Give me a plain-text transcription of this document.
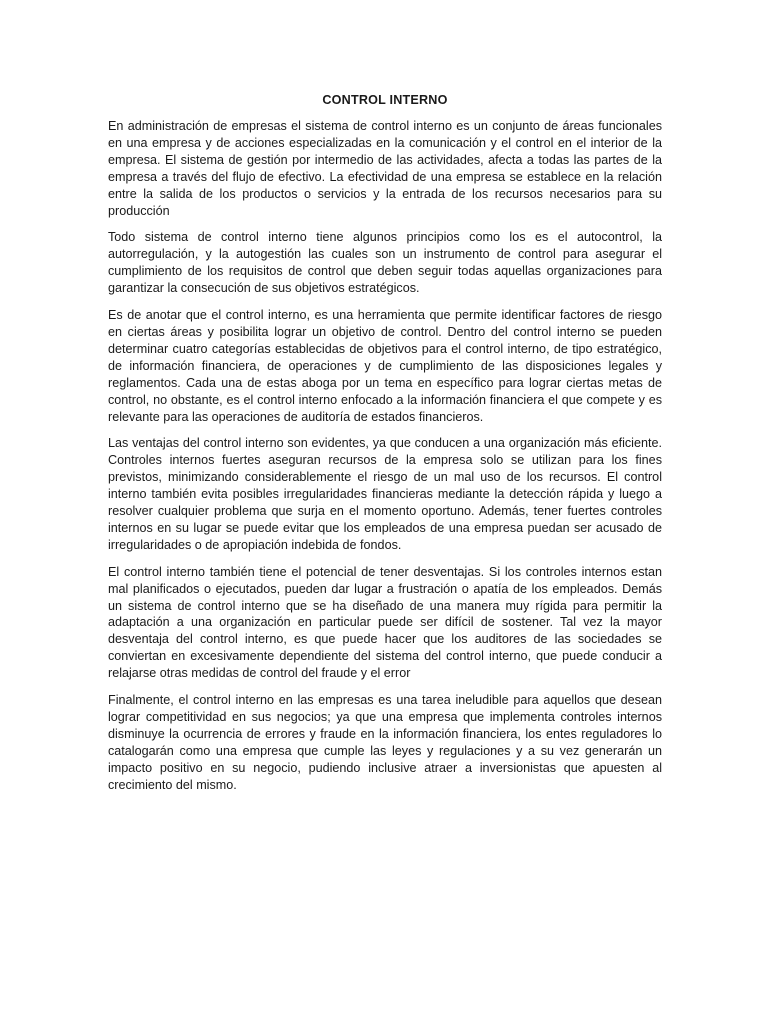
CONTROL INTERNO

En administración de empresas el sistema de control interno es un conjunto de áreas funcionales en una empresa y de acciones especializadas en la comunicación y el control en el interior de la empresa. El sistema de gestión por intermedio de las actividades, afecta a todas las partes de la empresa a través del flujo de efectivo. La efectividad de una empresa se establece en la relación entre la salida de los productos o servicios y la entrada de los recursos necesarios para su producción

Todo sistema de control interno tiene algunos principios como los es el autocontrol, la autorregulación, y la autogestión las cuales son un instrumento de control para asegurar el cumplimiento de los requisitos de control que deben seguir todas aquellas organizaciones para garantizar la consecución de sus objetivos estratégicos.

Es de anotar que el control interno, es una herramienta que permite identificar factores de riesgo en ciertas áreas y posibilita lograr un objetivo de control. Dentro del control interno se pueden determinar cuatro categorías establecidas de objetivos para el control interno, de tipo estratégico, de información financiera, de operaciones y de cumplimiento de las disposiciones legales y reglamentos. Cada una de estas aboga por un tema en específico para lograr ciertas metas de control, no obstante, es el control interno enfocado a la información financiera el que compete y es relevante para las operaciones de auditoría de estados financieros.

Las ventajas del control interno son evidentes, ya que conducen a una organización más eficiente. Controles internos fuertes aseguran recursos de la empresa solo se utilizan para los fines previstos, minimizando considerablemente el riesgo de un mal uso de los recursos. El control interno también evita posibles irregularidades financieras mediante la detección rápida y luego a resolver cualquier problema que surja en el momento oportuno. Además, tener fuertes controles internos en su lugar se puede evitar que los empleados de una empresa puedan ser acusado de irregularidades o de apropiación indebida de fondos.

El control interno también tiene el potencial de tener desventajas. Si los controles internos estan mal planificados o ejecutados, pueden dar lugar a frustración o apatía de los empleados. Demás un sistema de control interno que se ha diseñado de una manera muy rígida para permitir la adaptación a una organización en particular puede ser difícil de sostener. Tal vez la mayor desventaja del control interno, es que puede hacer que los auditores de las sociedades se conviertan en excesivamente dependiente del sistema del control interno, que puede conducir a relajarse otras medidas de control del fraude y el error

Finalmente, el control interno en las empresas es una tarea ineludible para aquellos que desean lograr competitividad en sus negocios; ya que una empresa que implementa controles internos disminuye la ocurrencia de errores y fraude en la información financiera, los entes reguladores lo catalogarán como una empresa que cumple las leyes y regulaciones y a su vez generarán un impacto positivo en su negocio, pudiendo inclusive atraer a inversionistas que apuesten al crecimiento del mismo.
